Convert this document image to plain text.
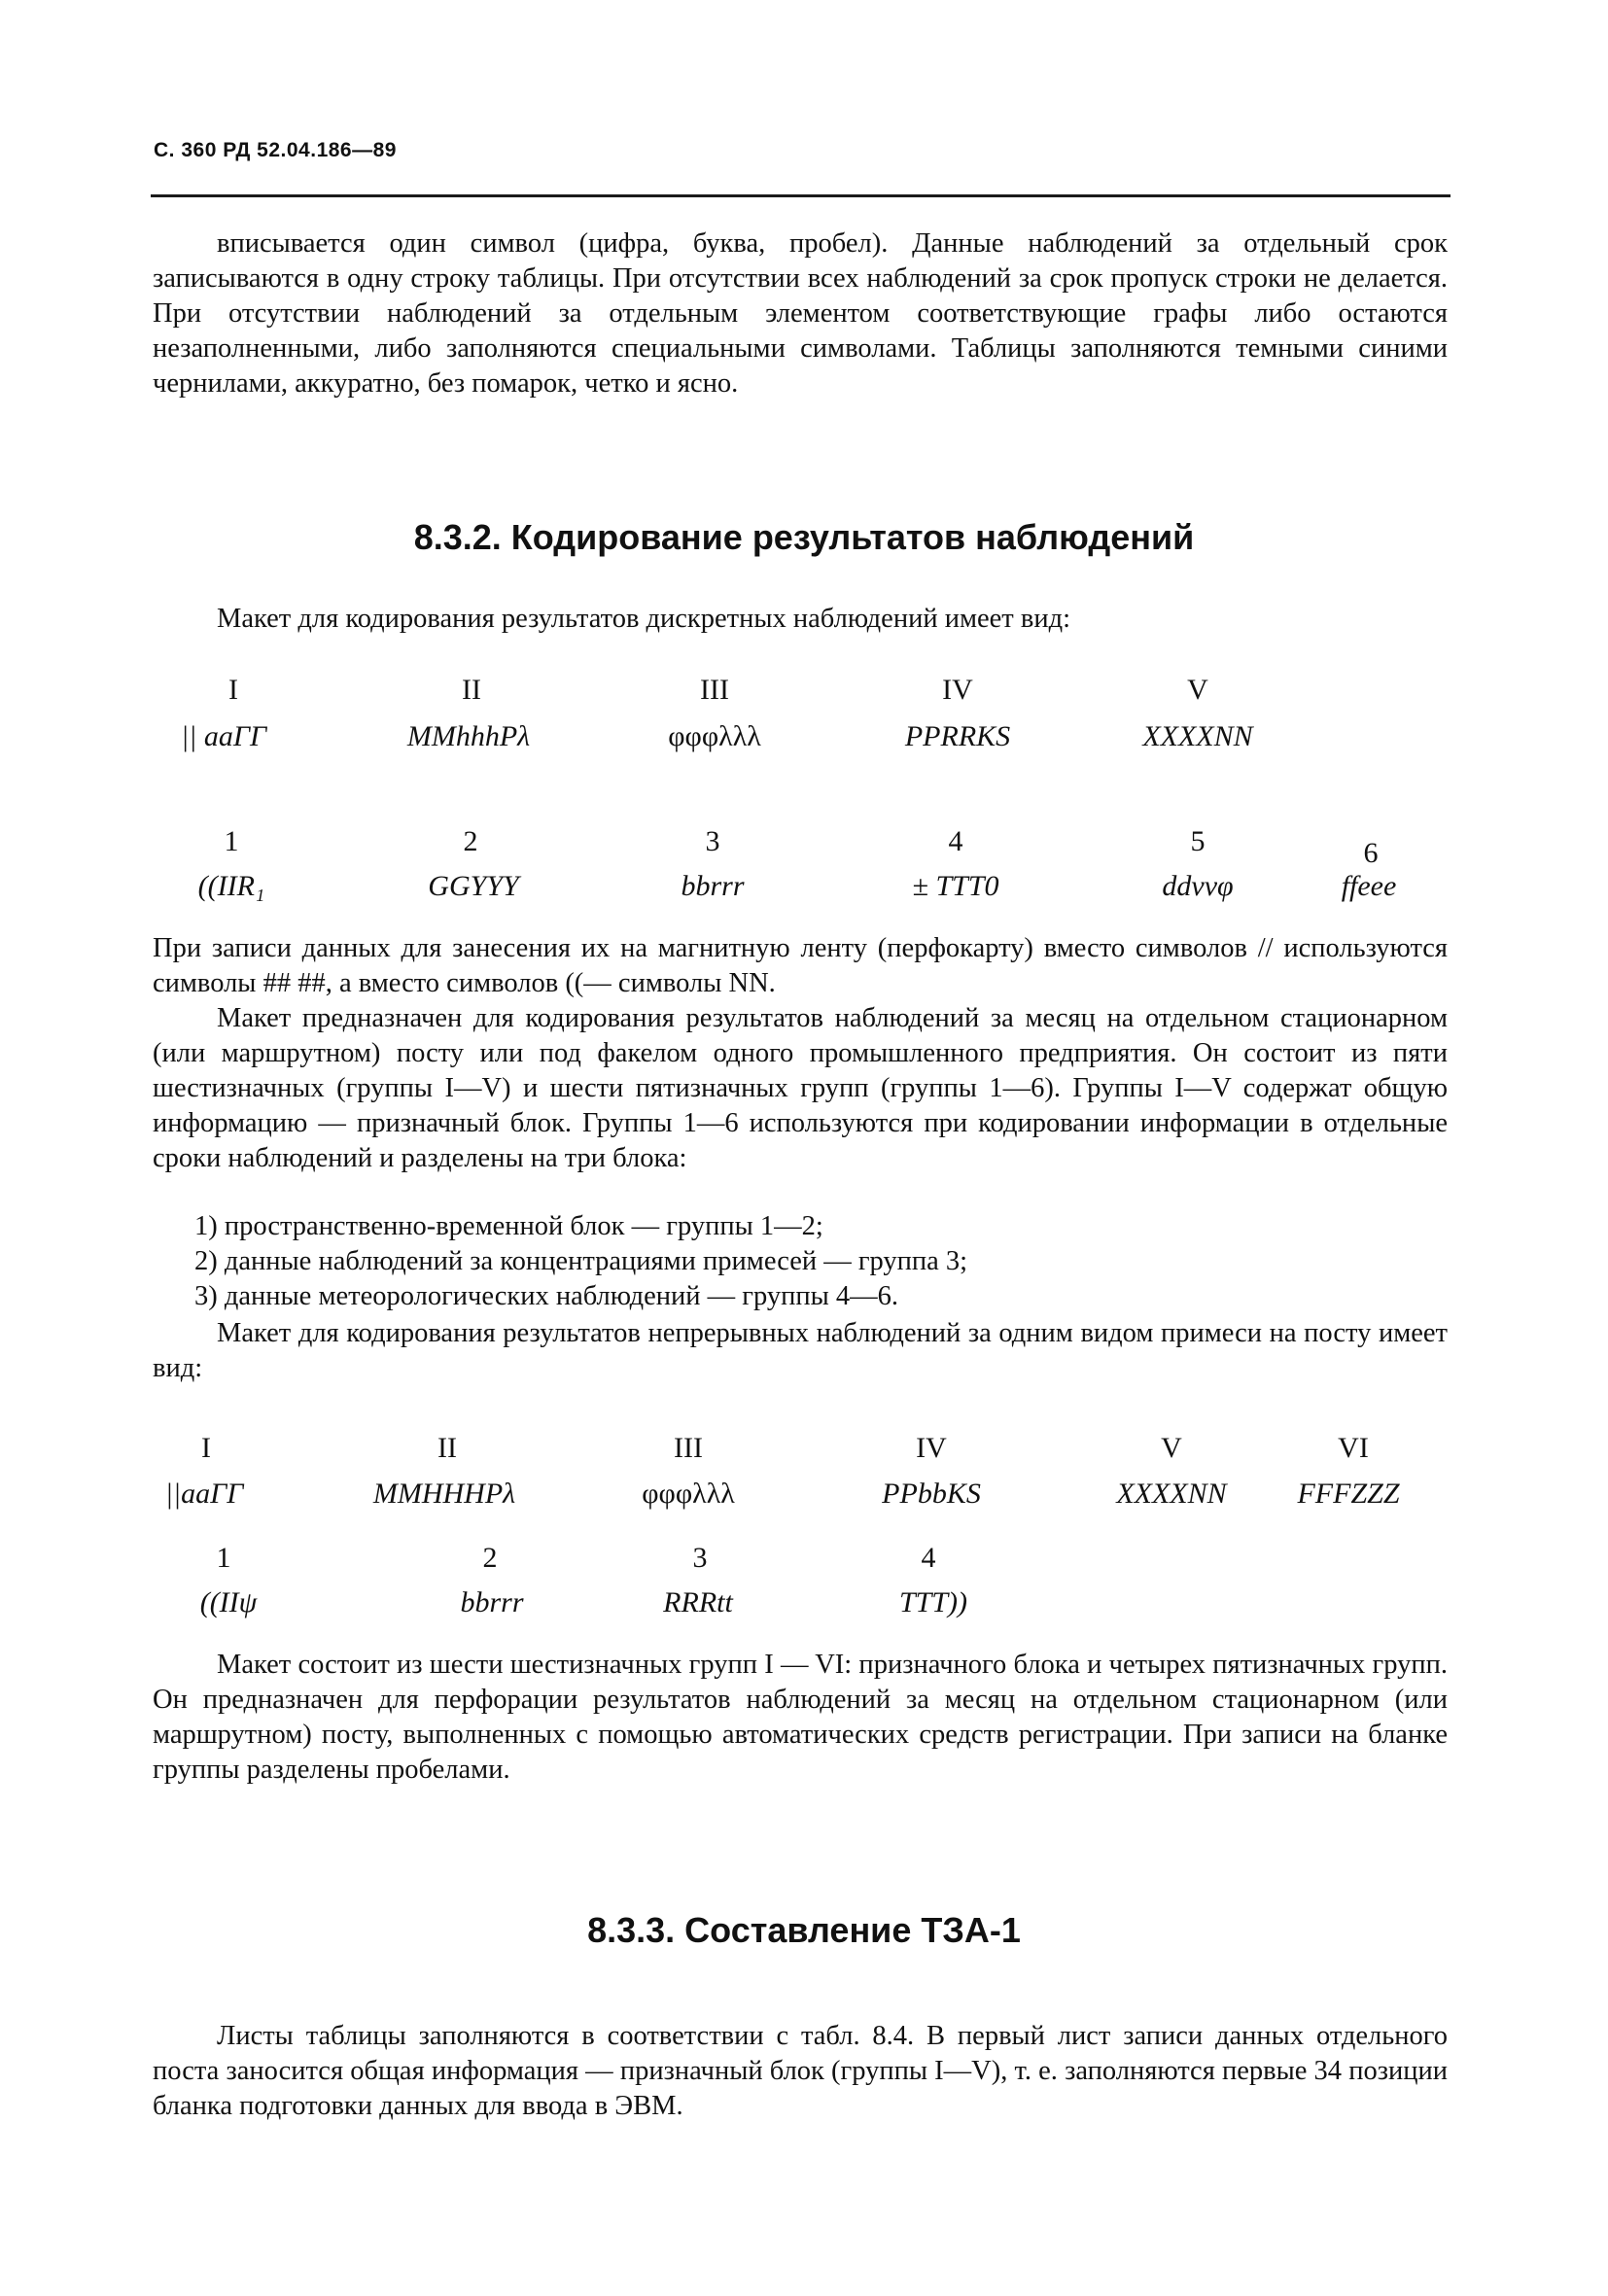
С. 360 РД 52.04.186—89
вписывается один символ (цифра, буква, пробел). Данные наблюдений за отдельный срок записываются в одну строку таблицы. При отсутствии всех наблюдений за срок пропуск строки не делается. При отсутствии наблюдений за отдельным элементом соответствующие графы либо остаются незаполненными, либо заполняются специальными символами. Таблицы заполняются темными синими чернилами, аккуратно, без помарок, четко и ясно.
8.3.2. Кодирование результатов наблюдений
Макет для кодирования результатов дискретных наблюдений имеет вид:
I	II	III	IV	V
|| aaГГ	MMhhhPλ	φφφλλλ	PPRRKS	XXXXNN
1	2	3	4	5	6
((IIR₁	GGYYY	bbrrr	± TTT0	ddvvφ	ffeee
При записи данных для занесения их на магнитную ленту (перфокарту) вместо символов // используются символы ## ##, а вместо символов ((— символы NN.
Макет предназначен для кодирования результатов наблюдений за месяц на отдельном стационарном (или маршрутном) посту или под факелом одного промышленного предприятия. Он состоит из пяти шестизначных (группы I—V) и шести пятизначных групп (группы 1—6). Группы I—V содержат общую информацию — призначный блок. Группы 1—6 используются при кодировании информации в отдельные сроки наблюдений и разделены на три блока:
1) пространственно-временной блок — группы 1—2;
2) данные наблюдений за концентрациями примесей — группа 3;
3) данные метеорологических наблюдений — группы 4—6.
Макет для кодирования результатов непрерывных наблюдений за одним видом примеси на посту имеет вид:
I	II	III	IV	V	VI
||aaГГ	MMHHHPλ	φφφλλλ	PPbbKS	XXXXNN FFFZZZ
1	2	3	4
((IIψ	bbrrr	RRRtt	TTT))
Макет состоит из шести шестизначных групп I — VI: призначного блока и четырех пятизначных групп. Он предназначен для перфорации результатов наблюдений за месяц на отдельном стационарном (или маршрутном) посту, выполненных с помощью автоматических средств регистрации. При записи на бланке группы разделены пробелами.
8.3.3. Составление ТЗА-1
Листы таблицы заполняются в соответствии с табл. 8.4. В первый лист записи данных отдельного поста заносится общая информация — призначный блок (группы I—V), т. е. заполняются первые 34 позиции бланка подготовки данных для ввода в ЭВМ.
